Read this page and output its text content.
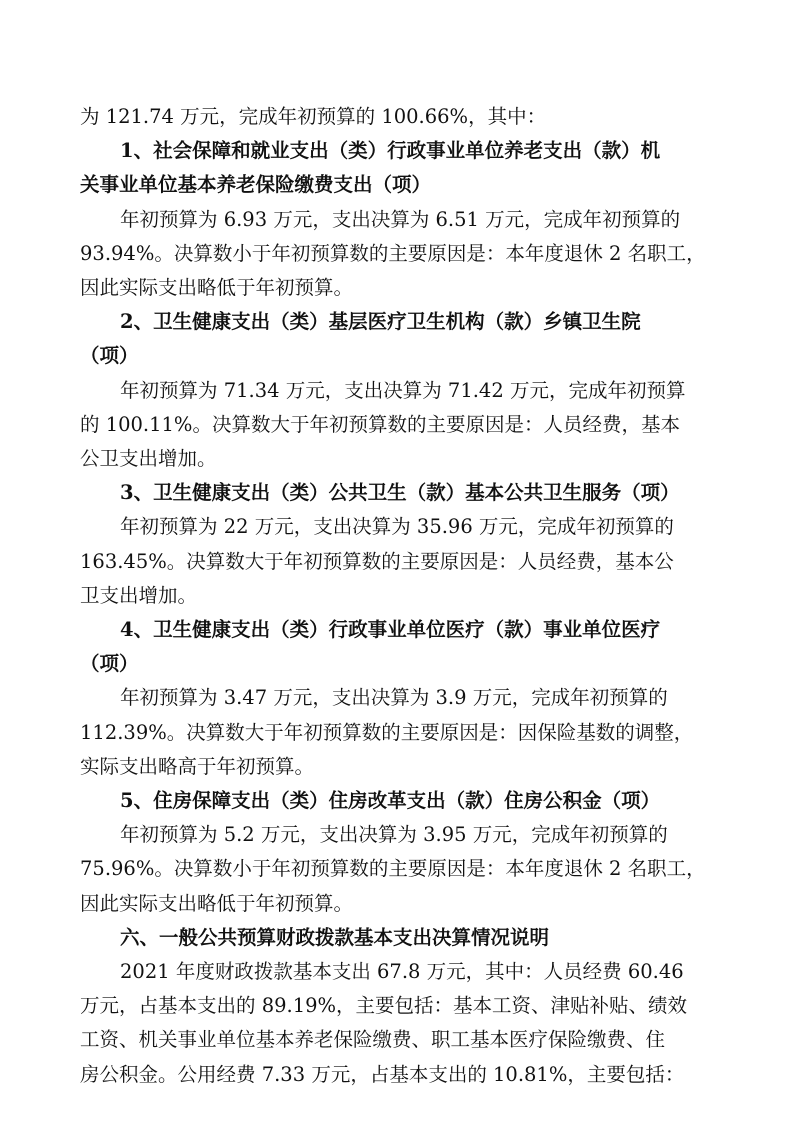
为 121.74 万元，完成年初预算的 100.66%，其中：
1、社会保障和就业支出（类）行政事业单位养老支出（款）机
关事业单位基本养老保险缴费支出（项）
年初预算为 6.93 万元，支出决算为 6.51 万元，完成年初预算的
93.94%。决算数小于年初预算数的主要原因是：本年度退休 2 名职工，
因此实际支出略低于年初预算。
2、卫生健康支出（类）基层医疗卫生机构（款）乡镇卫生院
（项）
年初预算为 71.34 万元，支出决算为 71.42 万元，完成年初预算
的 100.11%。决算数大于年初预算数的主要原因是：人员经费，基本
公卫支出增加。
3、卫生健康支出（类）公共卫生（款）基本公共卫生服务（项）
年初预算为 22 万元，支出决算为 35.96 万元，完成年初预算的
163.45%。决算数大于年初预算数的主要原因是：人员经费，基本公
卫支出增加。
4、卫生健康支出（类）行政事业单位医疗（款）事业单位医疗
（项）
年初预算为 3.47 万元，支出决算为 3.9 万元，完成年初预算的
112.39%。决算数大于年初预算数的主要原因是：因保险基数的调整，
实际支出略高于年初预算。
5、住房保障支出（类）住房改革支出（款）住房公积金（项）
年初预算为 5.2 万元，支出决算为 3.95 万元，完成年初预算的
75.96%。决算数小于年初预算数的主要原因是：本年度退休 2 名职工，
因此实际支出略低于年初预算。
六、一般公共预算财政拨款基本支出决算情况说明
2021 年度财政拨款基本支出 67.8 万元，其中：人员经费 60.46
万元，占基本支出的 89.19%，主要包括：基本工资、津贴补贴、绩效
工资、机关事业单位基本养老保险缴费、职工基本医疗保险缴费、住
房公积金。公用经费 7.33 万元，占基本支出的 10.81%，主要包括：
